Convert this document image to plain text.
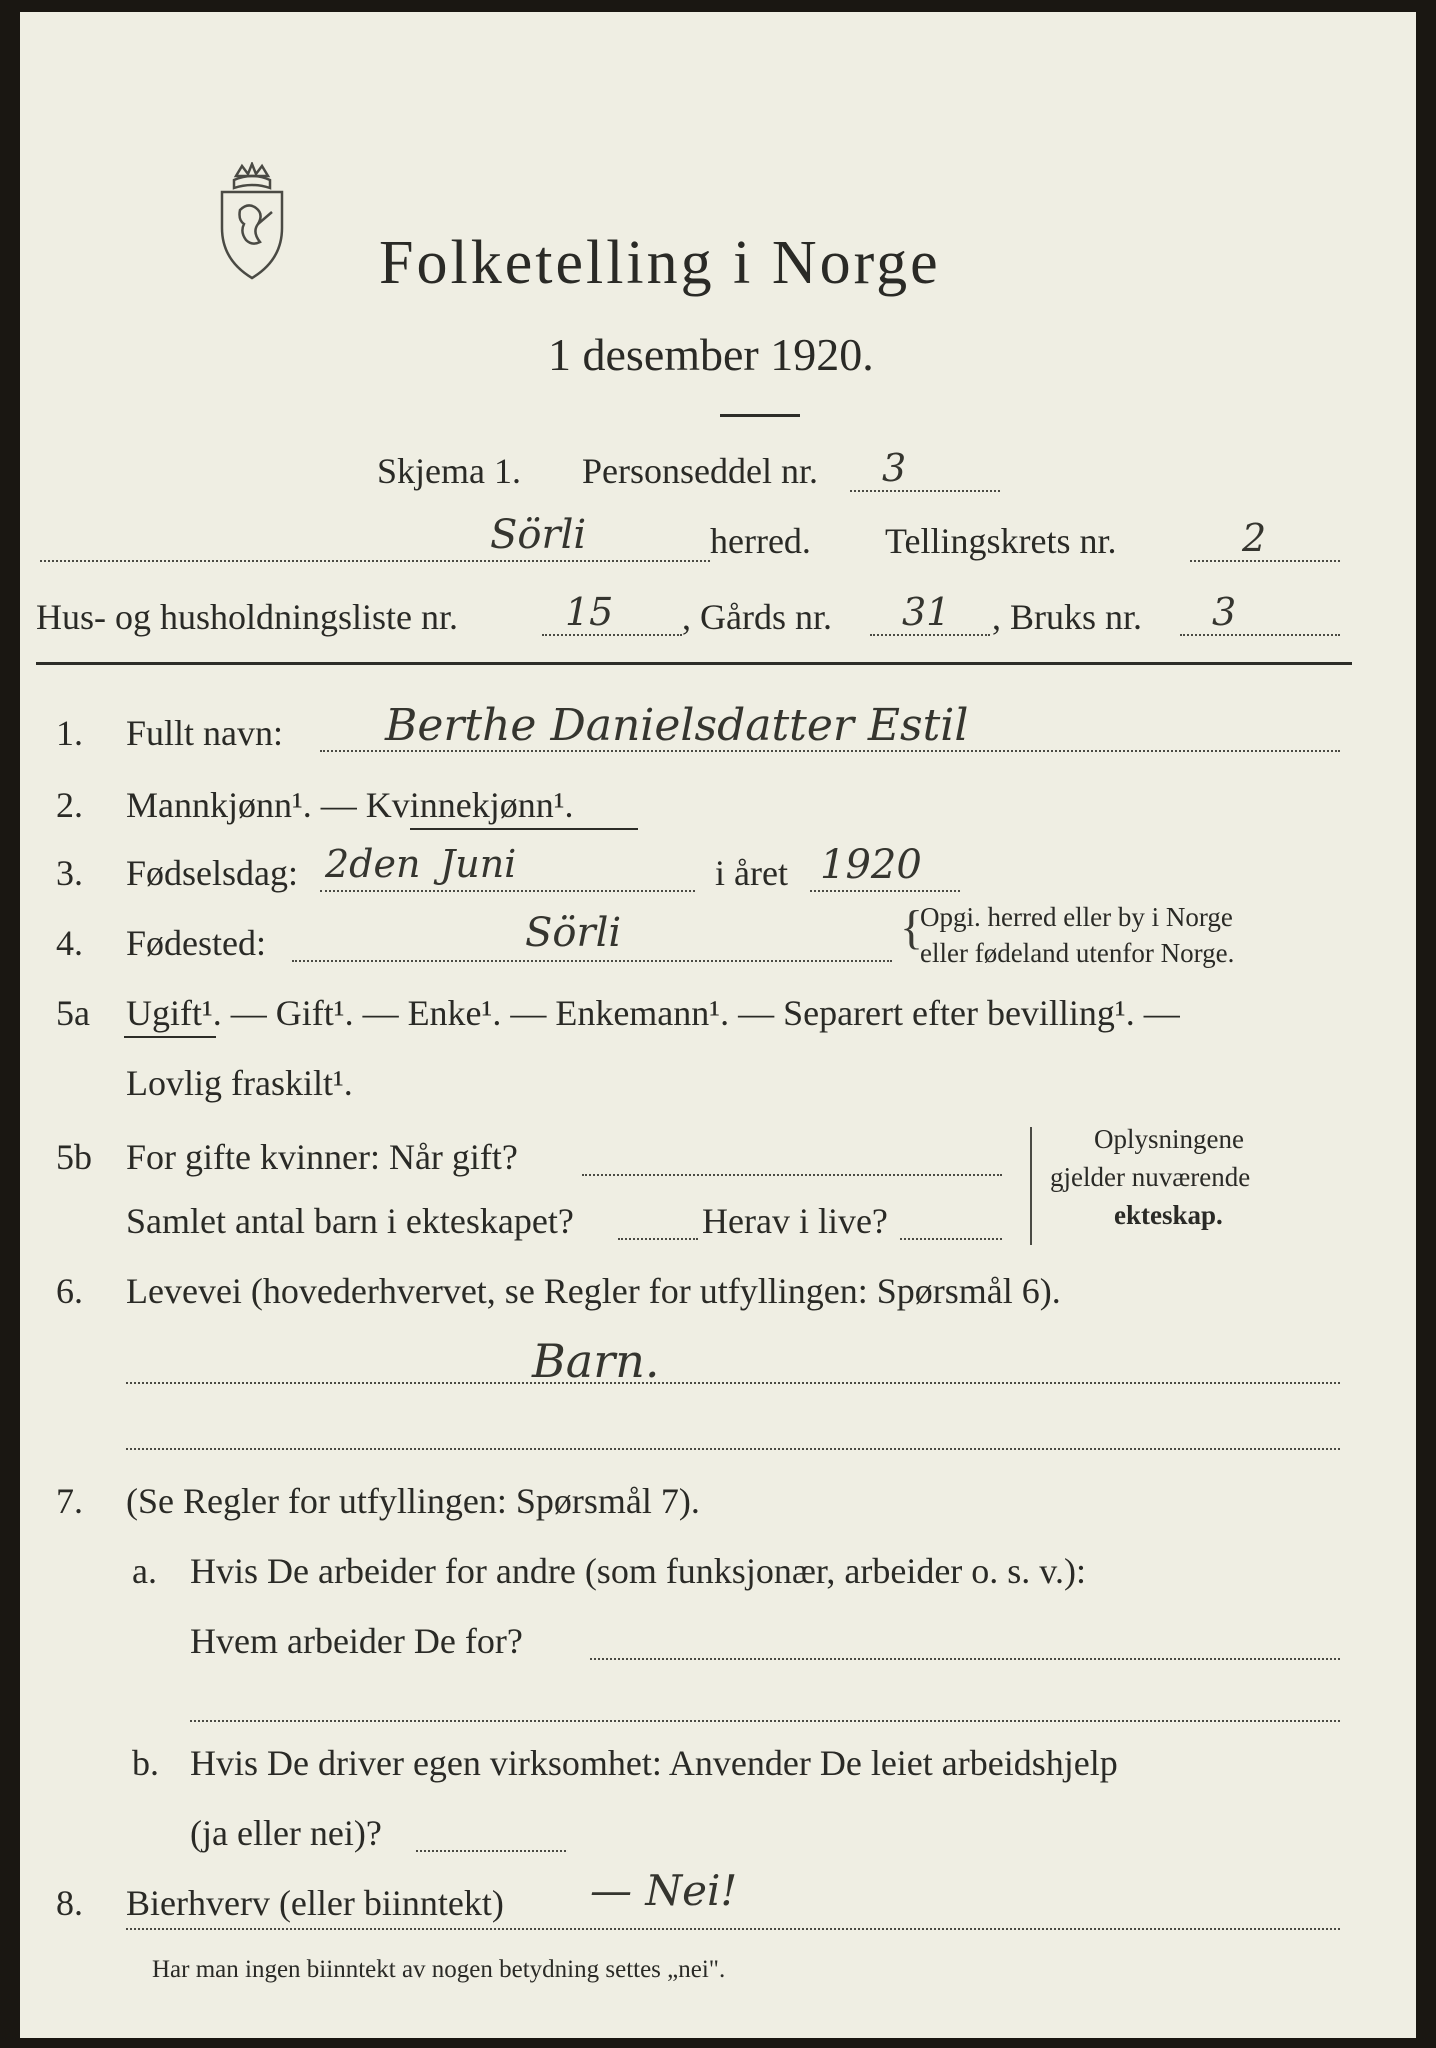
Folketelling i Norge
1 desember 1920.
Skjema 1. Personseddel nr. 3
Sörli	herred. Tellingskrets nr.	2
Hus- og husholdningsliste nr.	15 , Gårds nr. 31 , Bruks nr. 3
1. Fullt navn: Berthe Danielsdatter Estil
2. Mannkjønn¹. — Kvinnekjønn¹.
3. Fødselsdag: 2den Juni	i året 1920
4. Fødested:	Sörli	{
Opgi. herred eller by i Norge
eller fødeland utenfor Norge.
5a Ugift¹. — Gift¹. — Enke¹. — Enkemann¹. — Separert efter bevilling¹. —
Lovlig fraskilt¹.
5b For gifte kvinner: Når gift?
Samlet antal barn i ekteskapet?	Herav i live?
Oplysningene
gjelder nuværende
ekteskap.
6. Levevei (hovederhvervet, se Regler for utfyllingen: Spørsmål 6).
Barn.
7. (Se Regler for utfyllingen: Spørsmål 7).
a. Hvis De arbeider for andre (som funksjonær, arbeider o. s. v.):
Hvem arbeider De for?
b. Hvis De driver egen virksomhet: Anvender De leiet arbeidshjelp
(ja eller nei)?
8. Bierhverv (eller biinntekt) — Nei!
Har man ingen biinntekt av nogen betydning settes „nei".
